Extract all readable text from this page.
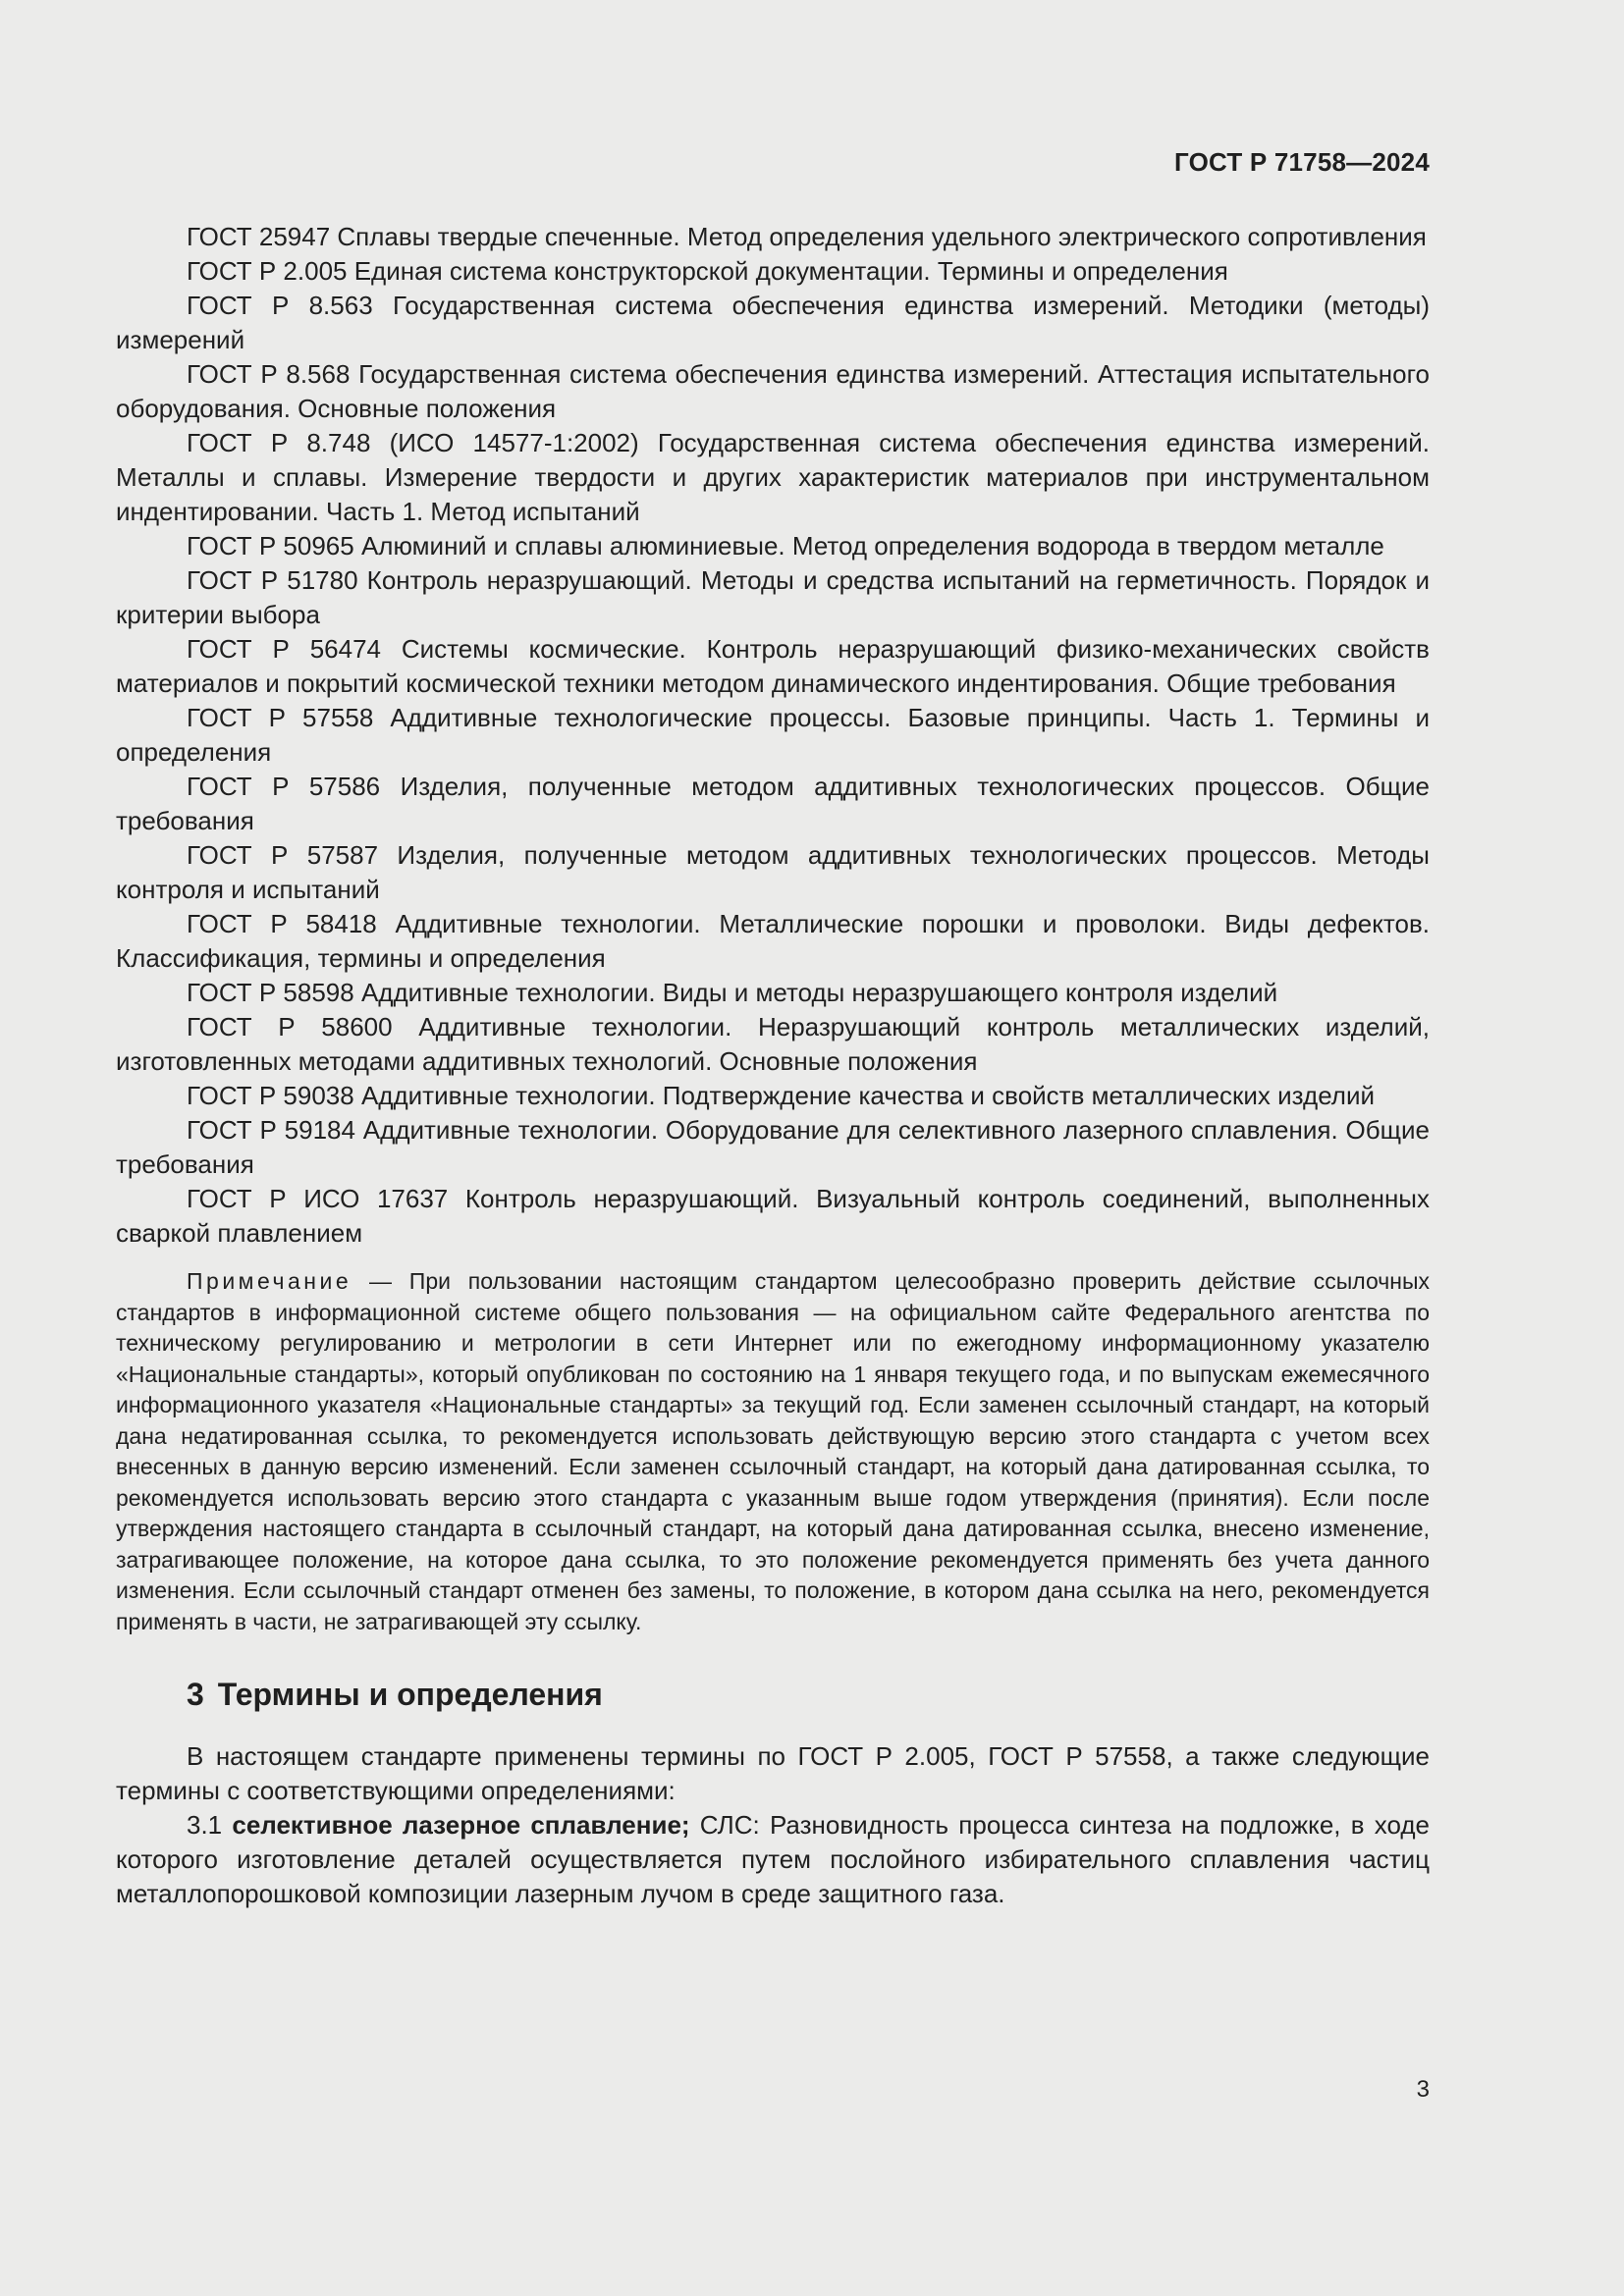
ГОСТ Р 71758—2024

ГОСТ 25947 Сплавы твердые спеченные. Метод определения удельного электрического сопротивления

ГОСТ Р 2.005 Единая система конструкторской документации. Термины и определения

ГОСТ Р 8.563 Государственная система обеспечения единства измерений. Методики (методы) измерений

ГОСТ Р 8.568 Государственная система обеспечения единства измерений. Аттестация испытательного оборудования. Основные положения

ГОСТ Р 8.748 (ИСО 14577-1:2002) Государственная система обеспечения единства измерений. Металлы и сплавы. Измерение твердости и других характеристик материалов при инструментальном индентировании. Часть 1. Метод испытаний

ГОСТ Р 50965 Алюминий и сплавы алюминиевые. Метод определения водорода в твердом металле

ГОСТ Р 51780 Контроль неразрушающий. Методы и средства испытаний на герметичность. Порядок и критерии выбора

ГОСТ Р 56474 Системы космические. Контроль неразрушающий физико-механических свойств материалов и покрытий космической техники методом динамического индентирования. Общие требования

ГОСТ Р 57558 Аддитивные технологические процессы. Базовые принципы. Часть 1. Термины и определения

ГОСТ Р 57586 Изделия, полученные методом аддитивных технологических процессов. Общие требования

ГОСТ Р 57587 Изделия, полученные методом аддитивных технологических процессов. Методы контроля и испытаний

ГОСТ Р 58418 Аддитивные технологии. Металлические порошки и проволоки. Виды дефектов. Классификация, термины и определения

ГОСТ Р 58598 Аддитивные технологии. Виды и методы неразрушающего контроля изделий

ГОСТ Р 58600 Аддитивные технологии. Неразрушающий контроль металлических изделий, изготовленных методами аддитивных технологий. Основные положения

ГОСТ Р 59038 Аддитивные технологии. Подтверждение качества и свойств металлических изделий

ГОСТ Р 59184 Аддитивные технологии. Оборудование для селективного лазерного сплавления. Общие требования

ГОСТ Р ИСО 17637 Контроль неразрушающий. Визуальный контроль соединений, выполненных сваркой плавлением

Примечание — При пользовании настоящим стандартом целесообразно проверить действие ссылочных стандартов в информационной системе общего пользования — на официальном сайте Федерального агентства по техническому регулированию и метрологии в сети Интернет или по ежегодному информационному указателю «Национальные стандарты», который опубликован по состоянию на 1 января текущего года, и по выпускам ежемесячного информационного указателя «Национальные стандарты» за текущий год. Если заменен ссылочный стандарт, на который дана недатированная ссылка, то рекомендуется использовать действующую версию этого стандарта с учетом всех внесенных в данную версию изменений. Если заменен ссылочный стандарт, на который дана датированная ссылка, то рекомендуется использовать версию этого стандарта с указанным выше годом утверждения (принятия). Если после утверждения настоящего стандарта в ссылочный стандарт, на который дана датированная ссылка, внесено изменение, затрагивающее положение, на которое дана ссылка, то это положение рекомендуется применять без учета данного изменения. Если ссылочный стандарт отменен без замены, то положение, в котором дана ссылка на него, рекомендуется применять в части, не затрагивающей эту ссылку.
3 Термины и определения
В настоящем стандарте применены термины по ГОСТ Р 2.005, ГОСТ Р 57558, а также следующие термины с соответствующими определениями:
3.1 селективное лазерное сплавление; СЛС: Разновидность процесса синтеза на подложке, в ходе которого изготовление деталей осуществляется путем послойного избирательного сплавления частиц металлопорошковой композиции лазерным лучом в среде защитного газа.
3
